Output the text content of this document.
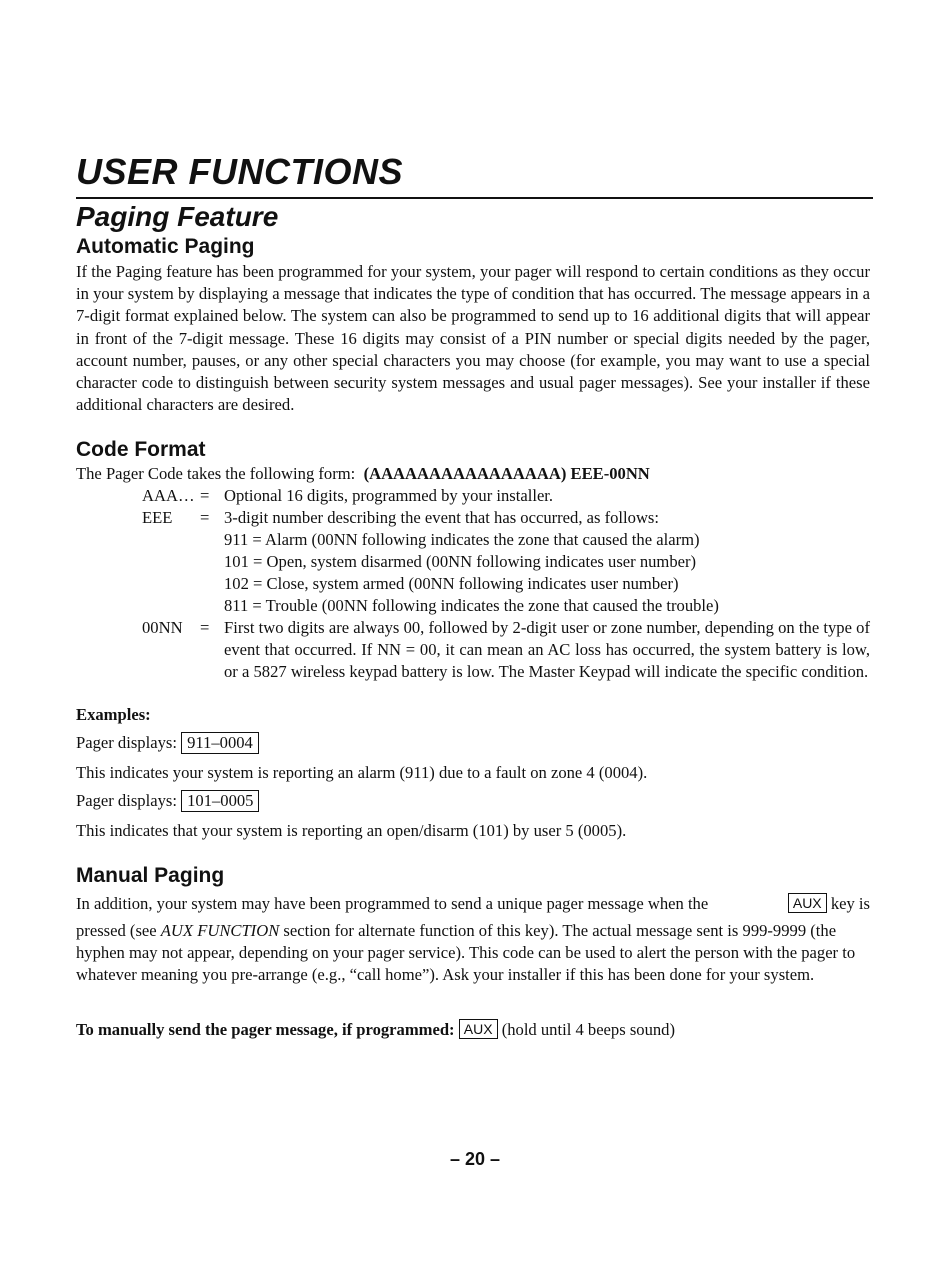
USER FUNCTIONS
Paging Feature
Automatic Paging

If the Paging feature has been programmed for your system, your pager will respond to certain conditions as they occur in your system by displaying a message that indicates the type of condition that has occurred. The message appears in a 7-digit format explained below. The system can also be programmed to send up to 16 additional digits that will appear in front of the 7-digit message. These 16 digits may consist of a PIN number or special digits needed by the pager, account number, pauses, or any other special characters you may choose (for example, you may want to use a special character code to distinguish between security system messages and usual pager messages). See your installer if these additional characters are desired.

Code Format
The Pager Code takes the following form: (AAAAAAAAAAAAAAAA) EEE-00NN
AAA… = Optional 16 digits, programmed by your installer.
EEE = 3-digit number describing the event that has occurred, as follows:
911 = Alarm (00NN following indicates the zone that caused the alarm)
101 = Open, system disarmed (00NN following indicates user number)
102 = Close, system armed (00NN following indicates user number)
811 = Trouble (00NN following indicates the zone that caused the trouble)
00NN = First two digits are always 00, followed by 2-digit user or zone number, depending on the type of event that occurred. If NN = 00, it can mean an AC loss has occurred, the system battery is low, or a 5827 wireless keypad battery is low. The Master Keypad will indicate the specific condition.
Examples:
Pager displays: 911–0004
This indicates your system is reporting an alarm (911) due to a fault on zone 4 (0004).
Pager displays: 101–0005
This indicates that your system is reporting an open/disarm (101) by user 5 (0005).
Manual Paging
In addition, your system may have been programmed to send a unique pager message when the	AUX key is

pressed (see AUX FUNCTION section for alternate function of this key). The actual message sent is 999-9999 (the hyphen may not appear, depending on your pager service). This code can be used to alert the person with the pager to whatever meaning you pre-arrange (e.g., “call home”). Ask your installer if this has been done for your system.

To manually send the pager message, if programmed: AUX (hold until 4 beeps sound)
– 20 –
